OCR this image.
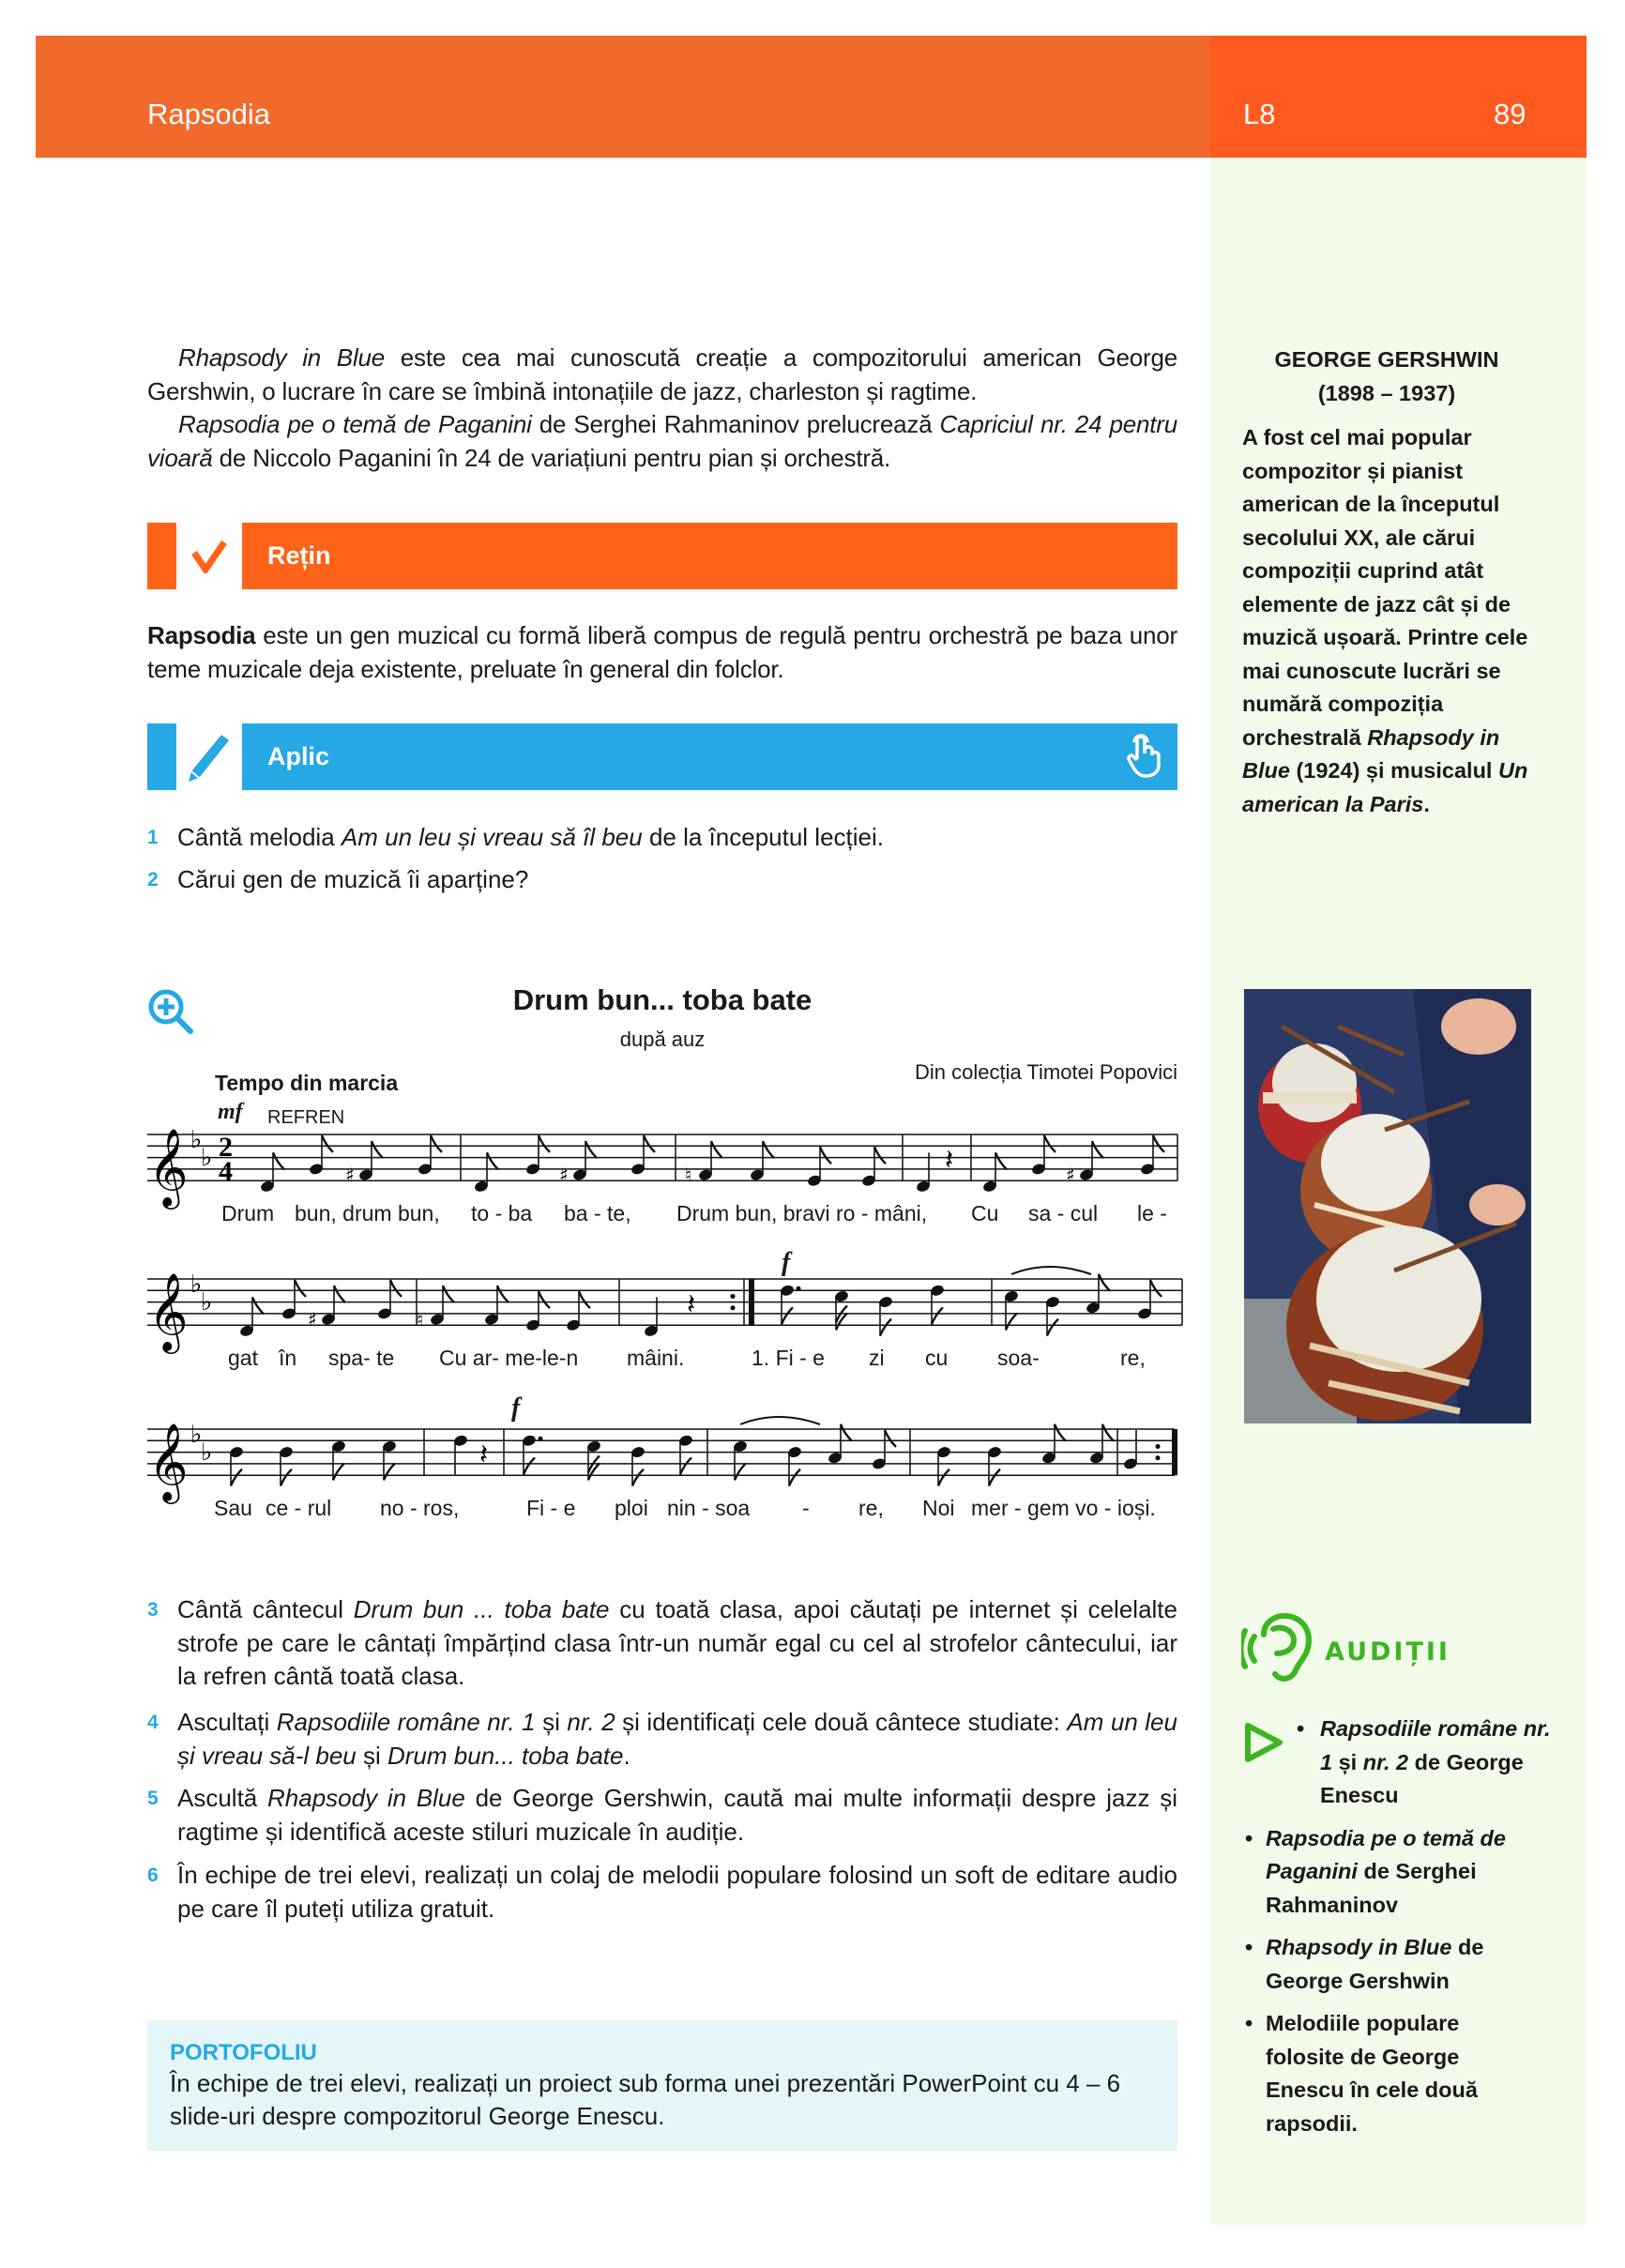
Rapsodia	L8	89

Rhapsody in Blue este cea mai cunoscută creație a compozitorului american George Gershwin, o lucrare în care se îmbină intonațiile de jazz, charleston și ragtime.

Rapsodia pe o temă de Paganini de Serghei Rahmaninov prelucrează Capriciul nr. 24 pentru vioară de Niccolo Paganini în 24 de variațiuni pentru pian și orchestră.

Rețin

Rapsodia este un gen muzical cu formă liberă compus de regulă pentru orchestră pe baza unor teme muzicale deja existente, preluate în general din folclor.

Aplic
1 Cântă melodia Am un leu și vreau să îl beu de la începutul lecției.
2 Cărui gen de muzică îi aparține?
Drum bun... toba bate
după auz
Tempo din marcia	Din colecția Timotei Popovici
mf REFREN
f
f
2
4
𝄞 ♭
♭
♯	♯	♮	𝄽	♯
𝄞 ♭
♭
♯	♮	𝄽
𝄞 ♭
♭	𝄽
Drum bun, drum bun, to - ba ba - te, Drum bun, bravi ro - mâni, Cu sa - cul le -
gat în spa- te Cu ar- me-le-n mâini.	1. Fi - e zi cu soa-	re,
Sau ce - rul no - ros,	Fi - e ploi nin - soa - re, Noi mer - gem vo - ioși.
3 Cântă cântecul Drum bun ... toba bate cu toată clasa, apoi căutați pe internet și celelalte strofe pe care le cântați împărțind clasa într-un număr egal cu cel al strofelor cântecului, iar la refren cântă toată clasa.
4 Ascultați Rapsodiile române nr. 1 și nr. 2 și identificați cele două cântece studiate: Am un leu și vreau să-l beu și Drum bun... toba bate.
5 Ascultă Rhapsody in Blue de George Gershwin, caută mai multe informații despre jazz și ragtime și identifică aceste stiluri muzicale în audiție.
6 În echipe de trei elevi, realizați un colaj de melodii populare folosind un soft de editare audio pe care îl puteți utiliza gratuit.
PORTOFOLIU
În echipe de trei elevi, realizați un proiect sub forma unei prezentări PowerPoint cu 4 – 6 slide-uri despre compozitorul George Enescu.
GEORGE GERSHWIN
(1898 – 1937)

A fost cel mai popular compozitor și pianist american de la începutul secolului XX, ale cărui compoziții cuprind atât elemente de jazz cât și de muzică ușoară. Printre cele mai cunoscute lucrări se numără compoziția orchestrală Rhapsody in Blue (1924) și musicalul Un american la Paris.

AUDIȚII
• Rapsodiile române nr. 1 și nr. 2 de George Enescu
• Rapsodia pe o temă de Paganini de Serghei Rahmaninov
• Rhapsody in Blue de George Gershwin
• Melodiile populare folosite de George Enescu în cele două rapsodii.
